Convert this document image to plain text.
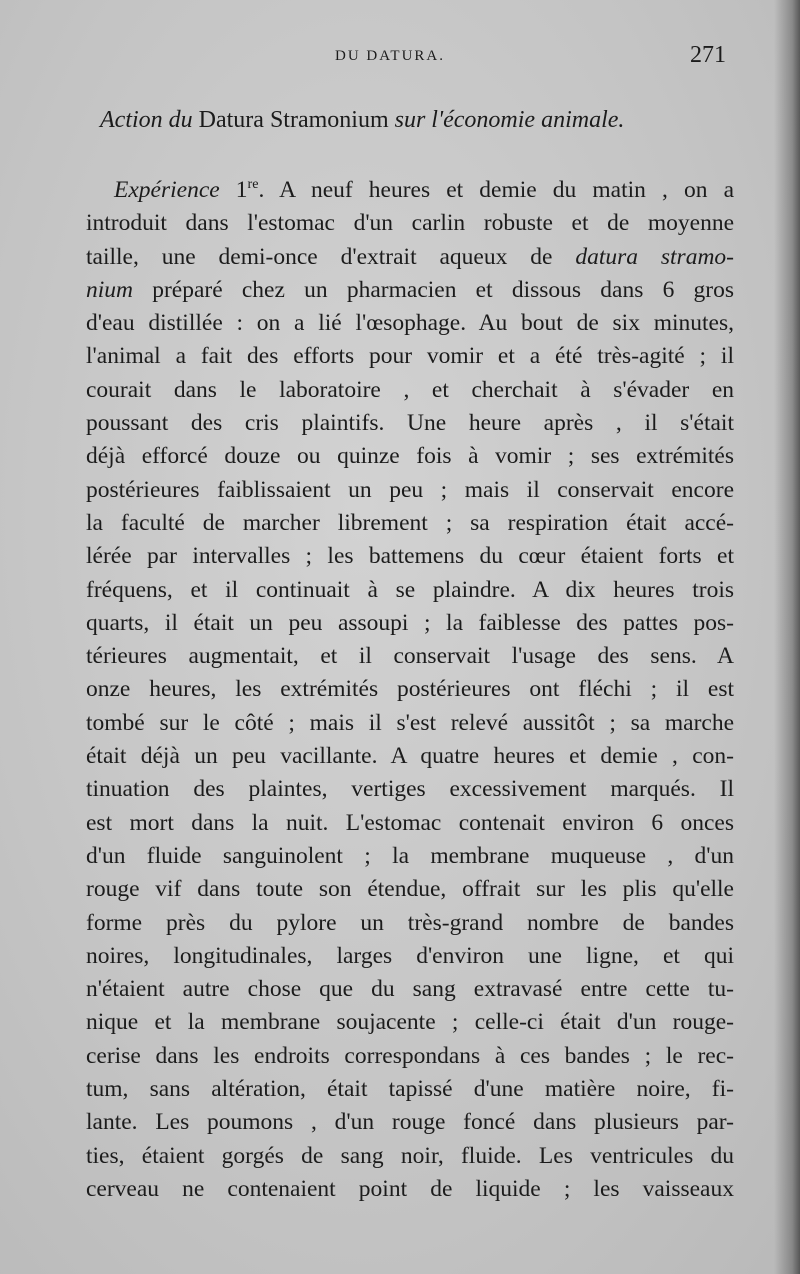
DU DATURA.	271
Action du Datura Stramonium sur l'économie animale.
Expérience 1re. A neuf heures et demie du matin , on a
introduit dans l'estomac d'un carlin robuste et de moyenne
taille, une demi-once d'extrait aqueux de datura stramo-
nium préparé chez un pharmacien et dissous dans 6 gros
d'eau distillée : on a lié l'œsophage. Au bout de six minutes,
l'animal a fait des efforts pour vomir et a été très-agité ; il
courait dans le laboratoire , et cherchait à s'évader en
poussant des cris plaintifs. Une heure après , il s'était
déjà efforcé douze ou quinze fois à vomir ; ses extrémités
postérieures faiblissaient un peu ; mais il conservait encore
la faculté de marcher librement ; sa respiration était accé-
lérée par intervalles ; les battemens du cœur étaient forts et
fréquens, et il continuait à se plaindre. A dix heures trois
quarts, il était un peu assoupi ; la faiblesse des pattes pos-
térieures augmentait, et il conservait l'usage des sens. A
onze heures, les extrémités postérieures ont fléchi ; il est
tombé sur le côté ; mais il s'est relevé aussitôt ; sa marche
était déjà un peu vacillante. A quatre heures et demie , con-
tinuation des plaintes, vertiges excessivement marqués. Il
est mort dans la nuit. L'estomac contenait environ 6 onces
d'un fluide sanguinolent ; la membrane muqueuse , d'un
rouge vif dans toute son étendue, offrait sur les plis qu'elle
forme près du pylore un très-grand nombre de bandes
noires, longitudinales, larges d'environ une ligne, et qui
n'étaient autre chose que du sang extravasé entre cette tu-
nique et la membrane soujacente ; celle-ci était d'un rouge-
cerise dans les endroits correspondans à ces bandes ; le rec-
tum, sans altération, était tapissé d'une matière noire, fi-
lante. Les poumons , d'un rouge foncé dans plusieurs par-
ties, étaient gorgés de sang noir, fluide. Les ventricules du
cerveau ne contenaient point de liquide ; les vaisseaux
